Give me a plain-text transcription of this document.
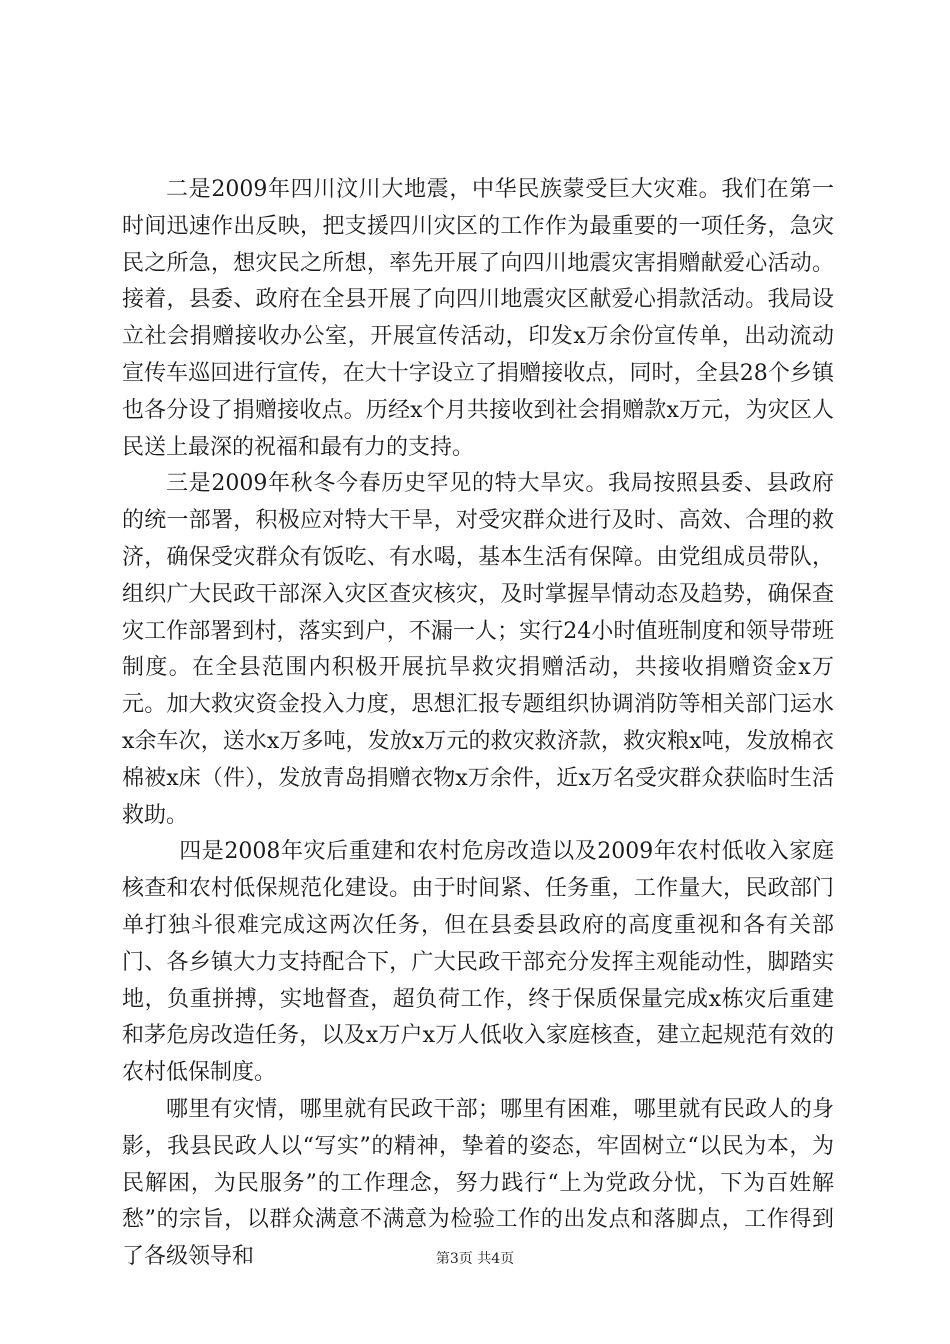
二是2009年四川汶川大地震，中华民族蒙受巨大灾难。我们在第一时间迅速作出反映，把支援四川灾区的工作作为最重要的一项任务，急灾民之所急，想灾民之所想，率先开展了向四川地震灾害捐赠献爱心活动。接着，县委、政府在全县开展了向四川地震灾区献爱心捐款活动。我局设立社会捐赠接收办公室，开展宣传活动，印发x万余份宣传单，出动流动宣传车巡回进行宣传，在大十字设立了捐赠接收点，同时，全县28个乡镇也各分设了捐赠接收点。历经x个月共接收到社会捐赠款x万元，为灾区人民送上最深的祝福和最有力的支持。

三是2009年秋冬今春历史罕见的特大旱灾。我局按照县委、县政府的统一部署，积极应对特大干旱，对受灾群众进行及时、高效、合理的救济，确保受灾群众有饭吃、有水喝，基本生活有保障。由党组成员带队，组织广大民政干部深入灾区查灾核灾，及时掌握旱情动态及趋势，确保查灾工作部署到村，落实到户，不漏一人；实行24小时值班制度和领导带班制度。在全县范围内积极开展抗旱救灾捐赠活动，共接收捐赠资金x万元。加大救灾资金投入力度，思想汇报专题组织协调消防等相关部门运水x余车次，送水x万多吨，发放x万元的救灾救济款，救灾粮x吨，发放棉衣棉被x床（件），发放青岛捐赠衣物x万余件，近x万名受灾群众获临时生活救助。

四是2008年灾后重建和农村危房改造以及2009年农村低收入家庭核查和农村低保规范化建设。由于时间紧、任务重，工作量大，民政部门单打独斗很难完成这两次任务，但在县委县政府的高度重视和各有关部门、各乡镇大力支持配合下，广大民政干部充分发挥主观能动性，脚踏实地，负重拼搏，实地督查，超负荷工作，终于保质保量完成x栋灾后重建和茅危房改造任务，以及x万户x万人低收入家庭核查，建立起规范有效的农村低保制度。

哪里有灾情，哪里就有民政干部；哪里有困难，哪里就有民政人的身影，我县民政人以“写实”的精神，挚着的姿态，牢固树立“以民为本，为民解困，为民服务”的工作理念，努力践行“上为党政分忧，下为百姓解愁”的宗旨，以群众满意不满意为检验工作的出发点和落脚点，工作得到了各级领导和	第3页 共4页
